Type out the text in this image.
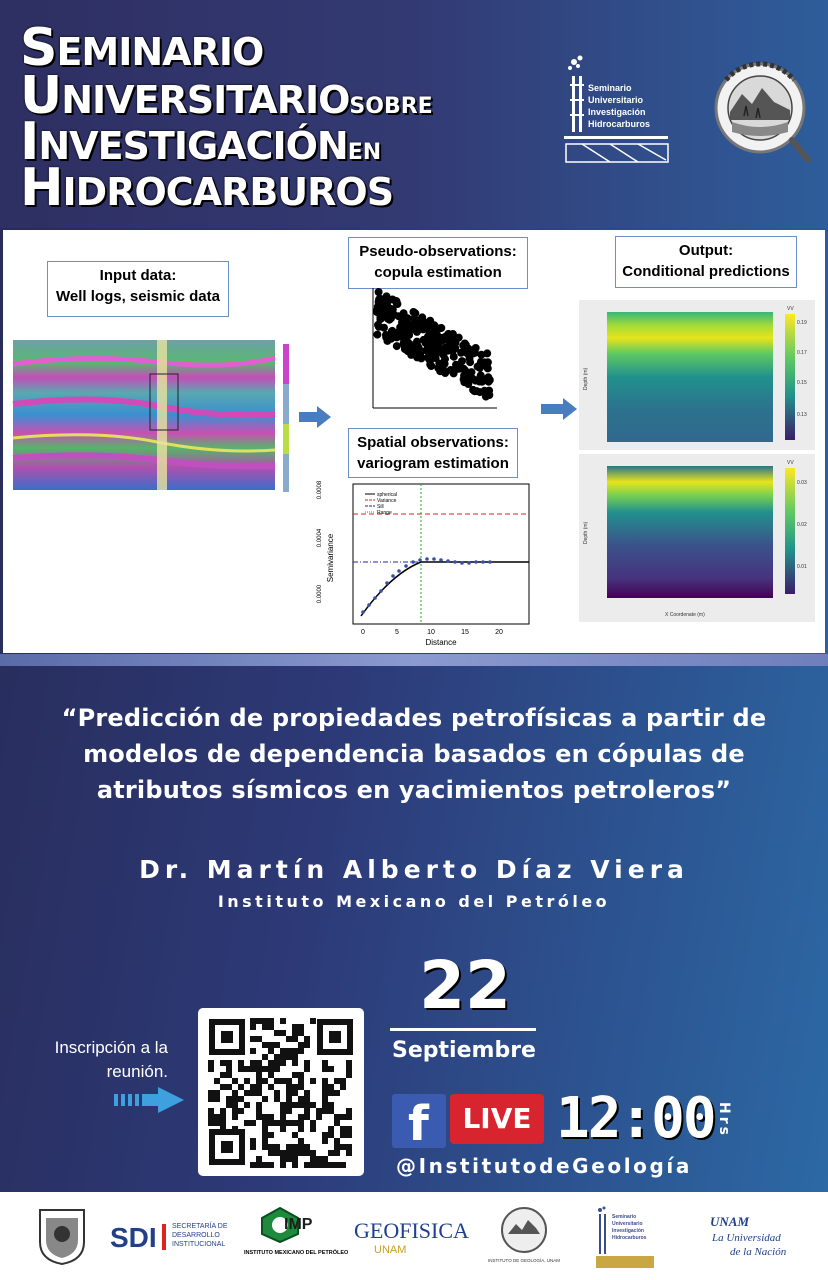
SEMINARIO
UNIVERSITARIOSOBRE
INVESTIGACIÓNEN
HIDROCARBUROS
Seminario
Universitario
Investigación
Hidrocarburos
Input data:
Well logs, seismic data
Pseudo-observations:
copula estimation
Spatial observations:
variogram estimation
spherical
Variance
Sill
Range
0	5	10	15	20
Distance
0.0000
0.0004
0.0008
Semivariance
Output:
Conditional predictions
0.19
0.17
0.15
0.13
VV
Depth (m)
0.03
0.02
0.01
VV
Depth (m)
X Coordenate (m)
“Predicción de propiedades petrofísicas a partir de modelos de dependencia basados en cópulas de atributos sísmicos en yacimientos petroleros”
Dr. Martín Alberto Díaz Viera
Instituto Mexicano del Petróleo
Inscripción a la
reunión.
22
Septiembre
f	LIVE 12:00 Hrs
@InstitutodeGeología
SDI SECRETARÍA DE
DESARROLLO
INSTITUCIONAL
IMP
INSTITUTO MEXICANO DEL PETRÓLEO
GEOFISICA
UNAM
INSTITUTO DE GEOLOGÍA, UNAM
Seminario
Universitario
Investigación
Hidrocarburos
UNAM
La Universidad
de la Nación
